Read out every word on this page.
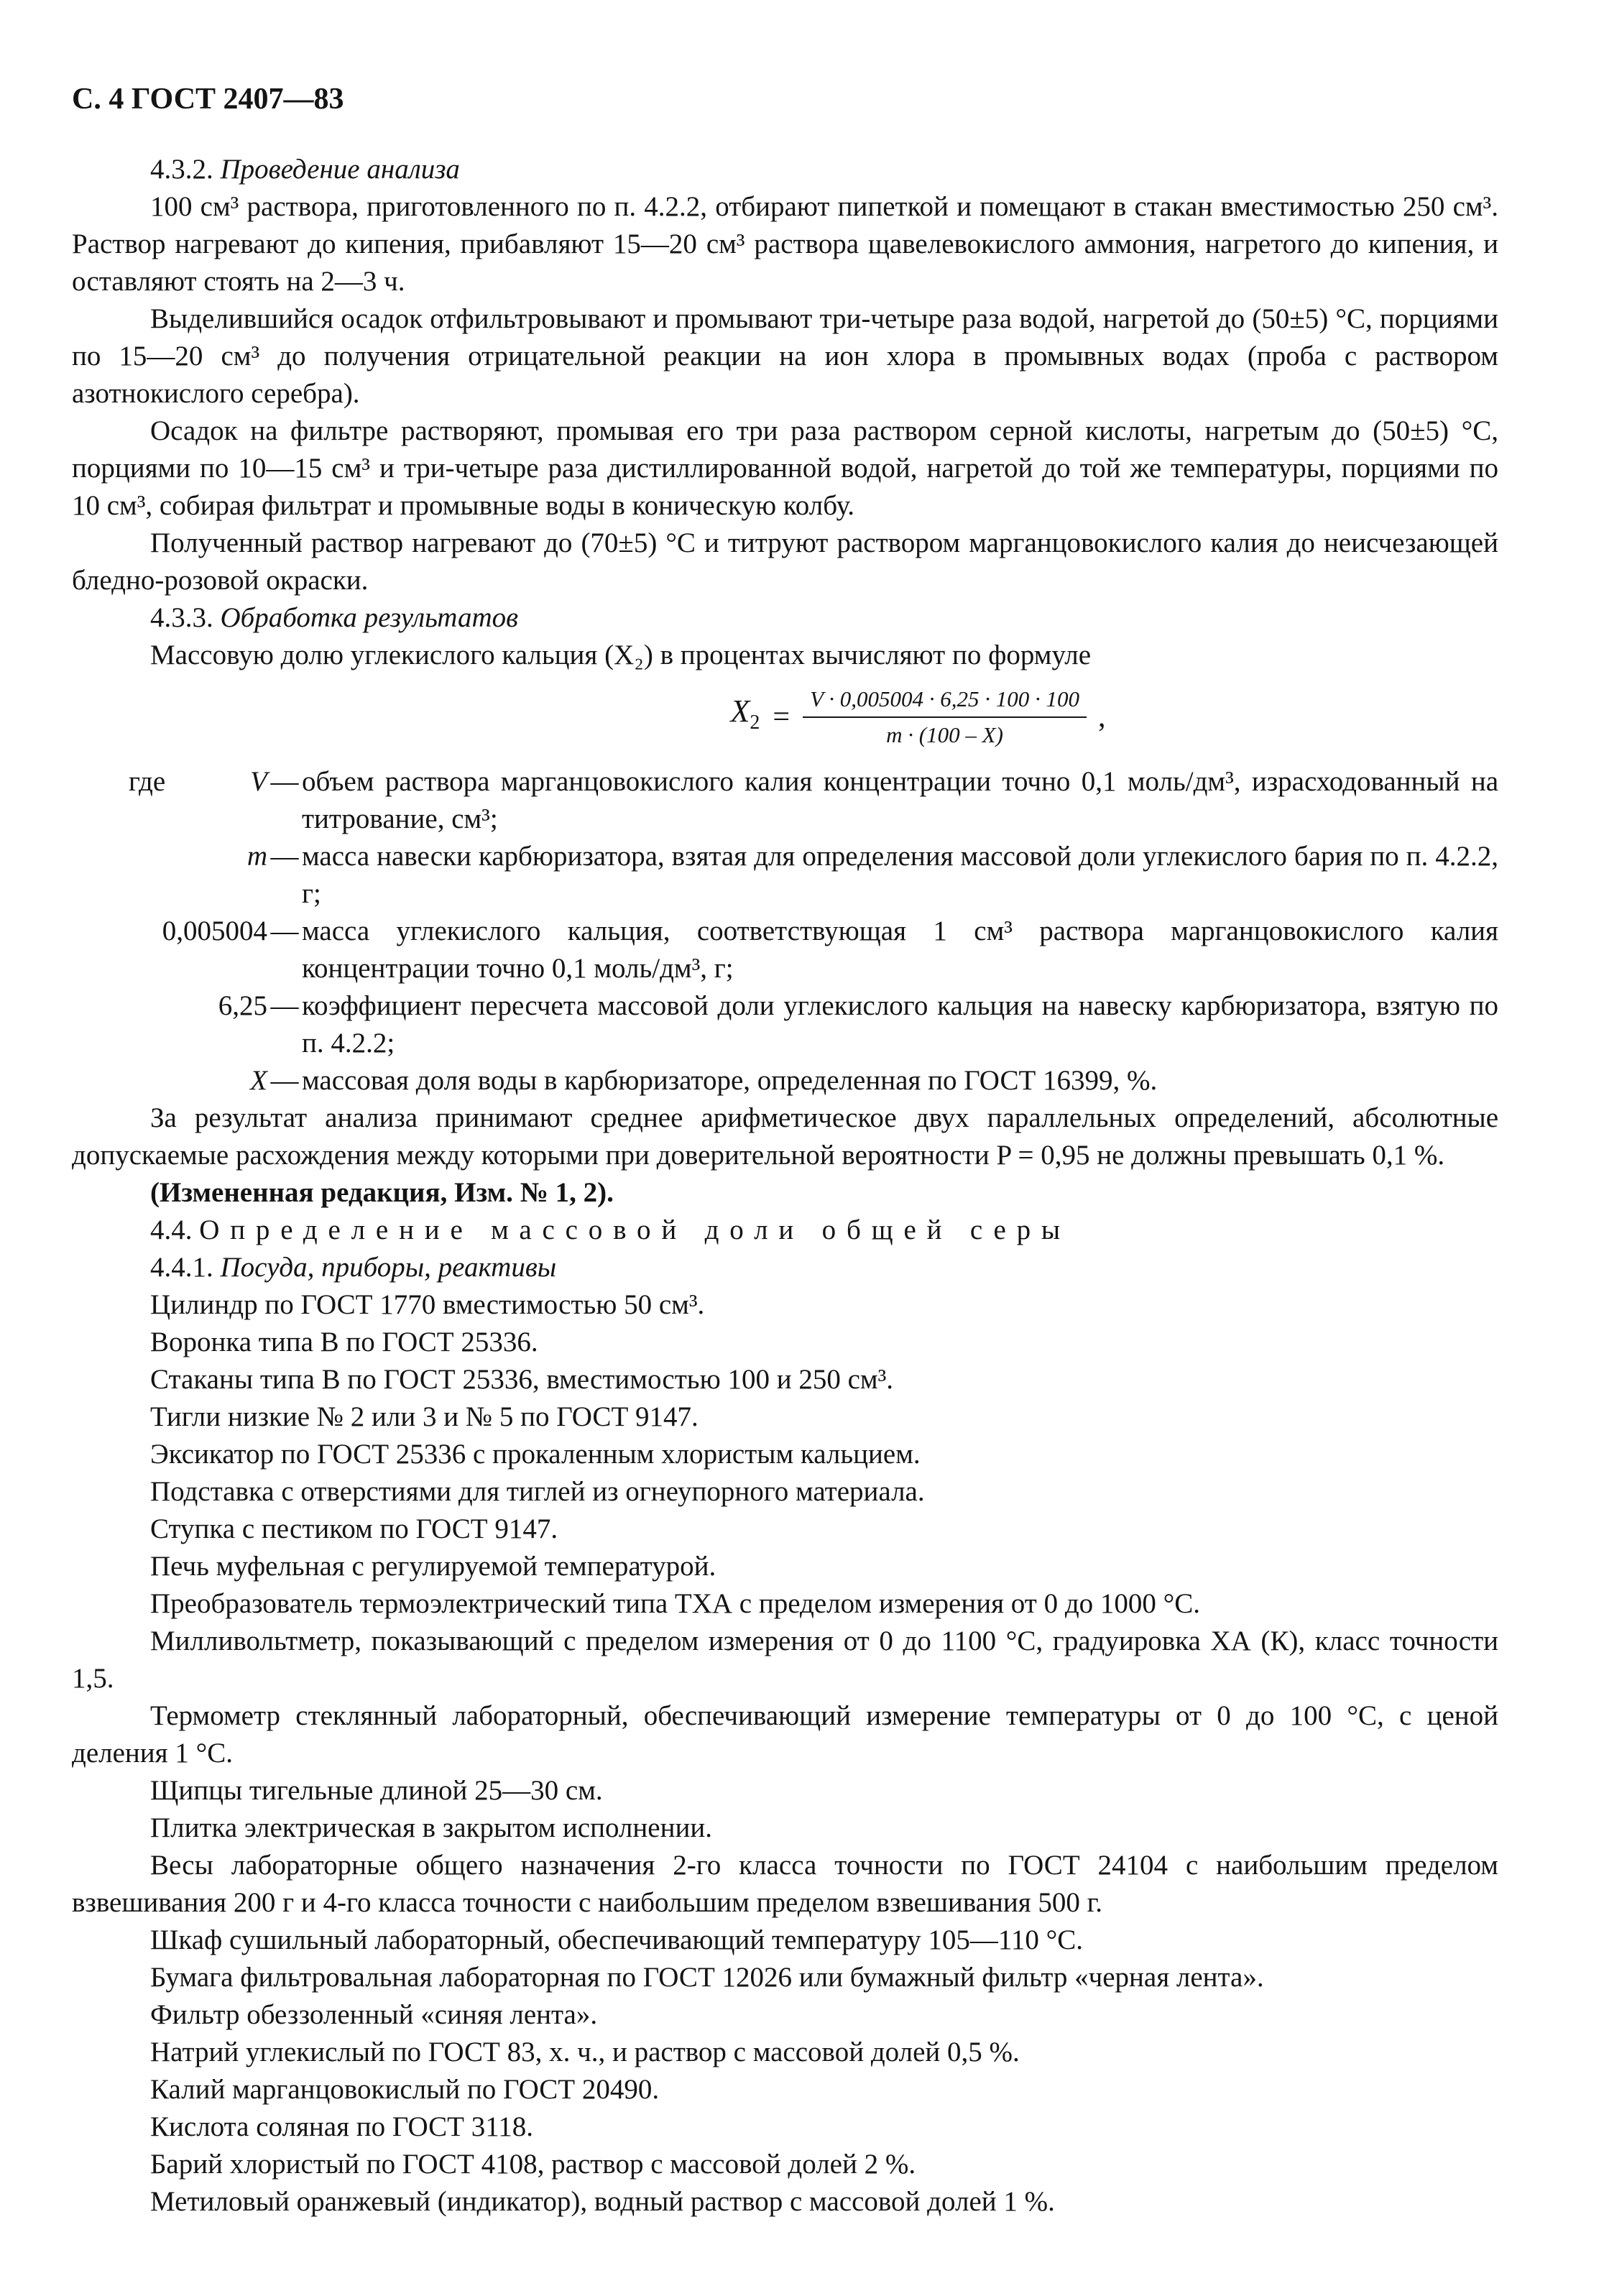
С. 4 ГОСТ 2407—83

4.3.2. Проведение анализа

100 см³ раствора, приготовленного по п. 4.2.2, отбирают пипеткой и помещают в стакан вместимостью 250 см³. Раствор нагревают до кипения, прибавляют 15—20 см³ раствора щавелевокислого аммония, нагретого до кипения, и оставляют стоять на 2—3 ч.

Выделившийся осадок отфильтровывают и промывают три-четыре раза водой, нагретой до (50±5) °С, порциями по 15—20 см³ до получения отрицательной реакции на ион хлора в промывных водах (проба с раствором азотнокислого серебра).

Осадок на фильтре растворяют, промывая его три раза раствором серной кислоты, нагретым до (50±5) °С, порциями по 10—15 см³ и три-четыре раза дистиллированной водой, нагретой до той же температуры, порциями по 10 см³, собирая фильтрат и промывные воды в коническую колбу.

Полученный раствор нагревают до (70±5) °С и титруют раствором марганцовокислого калия до неисчезающей бледно-розовой окраски.

4.3.3. Обработка результатов

Массовую долю углекислого кальция (X₂) в процентах вычисляют по формуле

$X_2 = \frac{V \cdot 0,005004 \cdot 6,25 \cdot 100 \cdot 100}{m \cdot (100 - X)}$ ,
где	V — объем раствора марганцовокислого калия концентрации точно 0,1 моль/дм³, израсходованный на титрование, см³;
m — масса навески карбюризатора, взятая для определения массовой доли углекислого бария по п. 4.2.2, г;
0,005004 — масса углекислого кальция, соответствующая 1 см³ раствора марганцовокислого калия концентрации точно 0,1 моль/дм³, г;
6,25 — коэффициент пересчета массовой доли углекислого кальция на навеску карбюризатора, взятую по п. 4.2.2;
X — массовая доля воды в карбюризаторе, определенная по ГОСТ 16399, %.

За результат анализа принимают среднее арифметическое двух параллельных определений, абсолютные допускаемые расхождения между которыми при доверительной вероятности P = 0,95 не должны превышать 0,1 %.

(Измененная редакция, Изм. № 1, 2).

4.4. Определение массовой доли общей серы

4.4.1. Посуда, приборы, реактивы

Цилиндр по ГОСТ 1770 вместимостью 50 см³.

Воронка типа В по ГОСТ 25336.

Стаканы типа В по ГОСТ 25336, вместимостью 100 и 250 см³.

Тигли низкие № 2 или 3 и № 5 по ГОСТ 9147.

Эксикатор по ГОСТ 25336 с прокаленным хлористым кальцием.

Подставка с отверстиями для тиглей из огнеупорного материала.

Ступка с пестиком по ГОСТ 9147.

Печь муфельная с регулируемой температурой.

Преобразователь термоэлектрический типа ТХА с пределом измерения от 0 до 1000 °С.

Милливольтметр, показывающий с пределом измерения от 0 до 1100 °С, градуировка ХА (К), класс точности 1,5.

Термометр стеклянный лабораторный, обеспечивающий измерение температуры от 0 до 100 °С, с ценой деления 1 °С.

Щипцы тигельные длиной 25—30 см.

Плитка электрическая в закрытом исполнении.

Весы лабораторные общего назначения 2-го класса точности по ГОСТ 24104 с наибольшим пределом взвешивания 200 г и 4-го класса точности с наибольшим пределом взвешивания 500 г.

Шкаф сушильный лабораторный, обеспечивающий температуру 105—110 °С.

Бумага фильтровальная лабораторная по ГОСТ 12026 или бумажный фильтр «черная лента».

Фильтр обеззоленный «синяя лента».

Натрий углекислый по ГОСТ 83, х. ч., и раствор с массовой долей 0,5 %.

Калий марганцовокислый по ГОСТ 20490.

Кислота соляная по ГОСТ 3118.

Барий хлористый по ГОСТ 4108, раствор с массовой долей 2 %.

Метиловый оранжевый (индикатор), водный раствор с массовой долей 1 %.
